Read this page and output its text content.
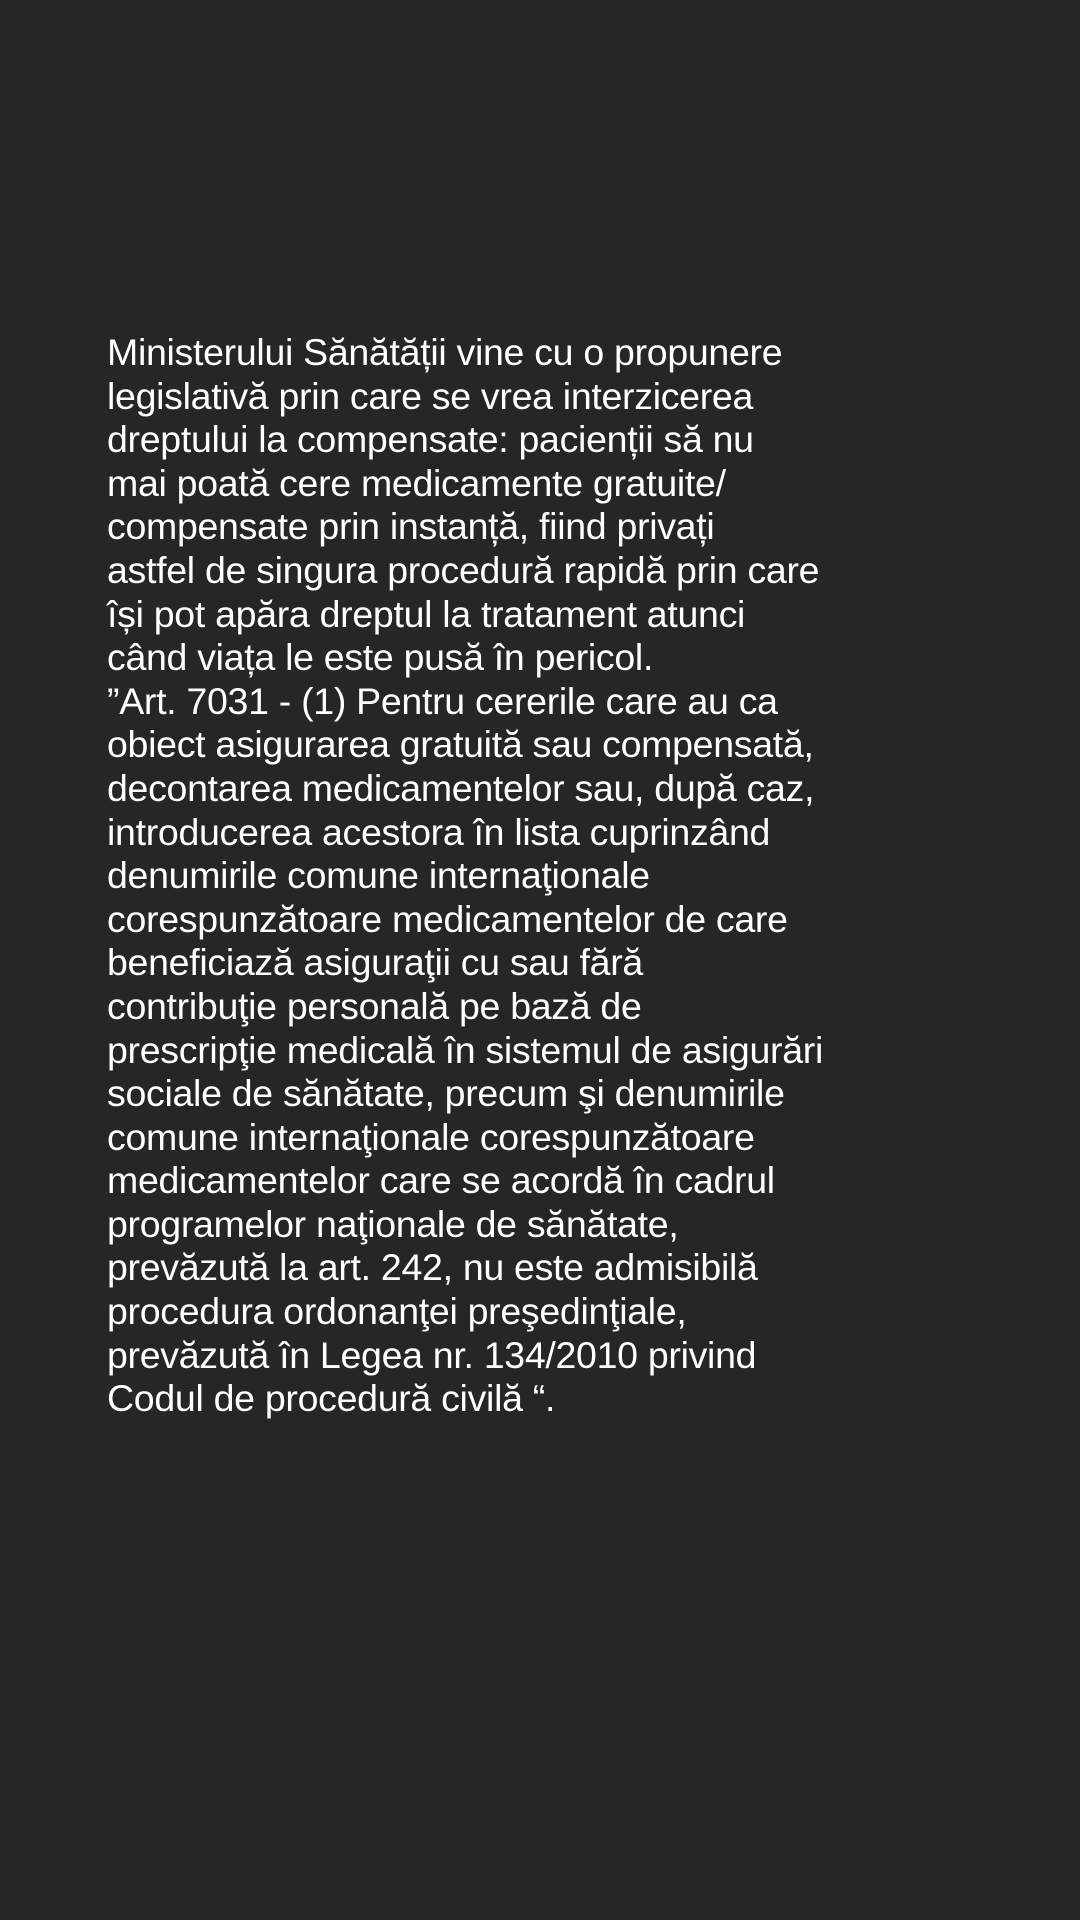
Ministerului Sănătății vine cu o propunere
legislativă prin care se vrea interzicerea
dreptului la compensate: pacienții să nu
mai poată cere medicamente gratuite/
compensate prin instanță, fiind privați
astfel de singura procedură rapidă prin care
își pot apăra dreptul la tratament atunci
când viața le este pusă în pericol.
”Art. 7031 - (1) Pentru cererile care au ca
obiect asigurarea gratuită sau compensată,
decontarea medicamentelor sau, după caz,
introducerea acestora în lista cuprinzând
denumirile comune internaţionale
corespunzătoare medicamentelor de care
beneficiază asiguraţii cu sau fără
contribuţie personală pe bază de
prescripţie medicală în sistemul de asigurări
sociale de sănătate, precum şi denumirile
comune internaţionale corespunzătoare
medicamentelor care se acordă în cadrul
programelor naţionale de sănătate,
prevăzută la art. 242, nu este admisibilă
procedura ordonanţei preşedinţiale,
prevăzută în Legea nr. 134/2010 privind
Codul de procedură civilă “.
